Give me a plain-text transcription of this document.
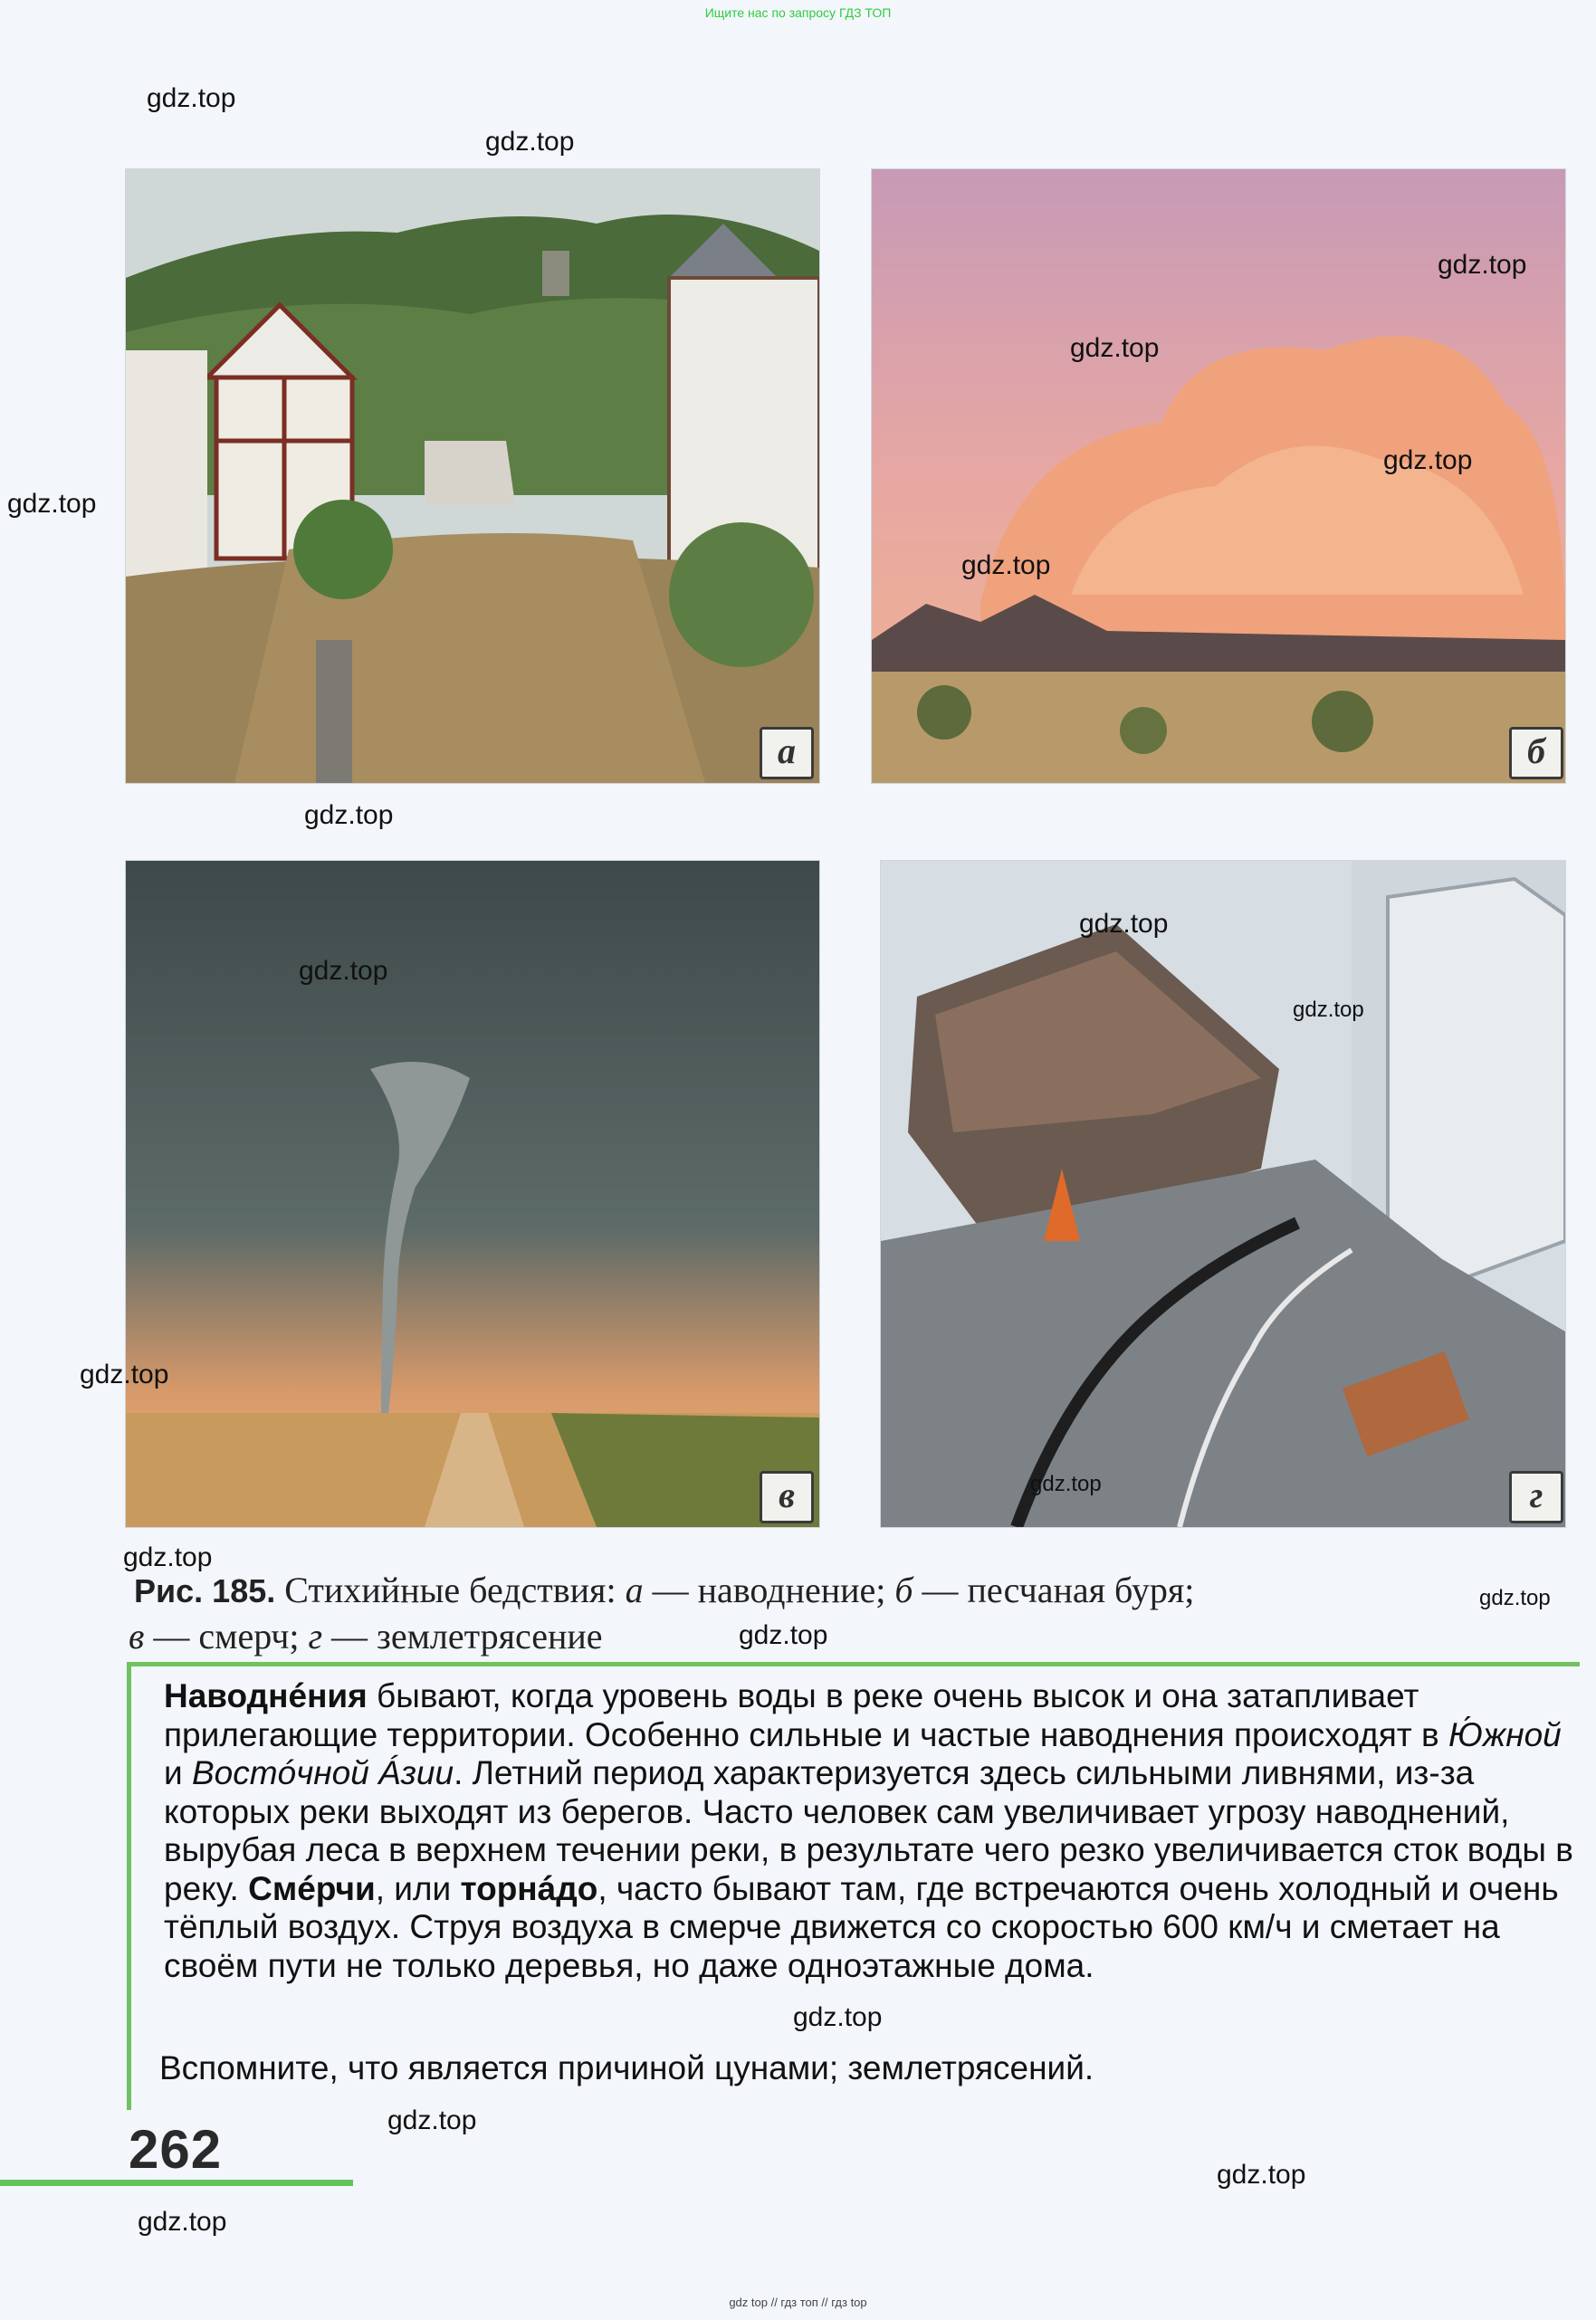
Ищите нас по запросу ГДЗ ТОП
а	б
в	г
Рис. 185. Стихийные бедствия: а — наводнение; б — песчаная буря;
в — смерч; г — землетрясение
Наводнéния бывают, когда уровень воды в реке очень высок и она затапливает прилегающие территории. Особенно сильные и частые наводнения происходят в Ю́жной и Востóчной Áзии. Летний период характеризуется здесь сильными ливнями, из-за которых реки выходят из берегов. Часто человек сам увеличивает угрозу наводнений, вырубая леса в верхнем течении реки, в результате чего резко увеличивается сток воды в реку. Смéрчи, или торнáдо, часто бывают там, где встречаются очень холодный и очень тёплый воздух. Струя воздуха в смерче движется со скоростью 600 км/ч и сметает на своём пути не только деревья, но даже одноэтажные дома.
Вспомните, что является причиной цунами; землетрясений.
262
gdz.top
gdz.top
gdz.top
gdz.top
gdz.top
gdz.top
gdz.top
gdz.top
gdz.top
gdz.top
gdz.top
gdz.top
gdz.top
gdz.top
gdz.top
gdz.top
gdz.top
gdz.top
gdz.top
gdz.top
gdz top // гдз топ // гдз top
